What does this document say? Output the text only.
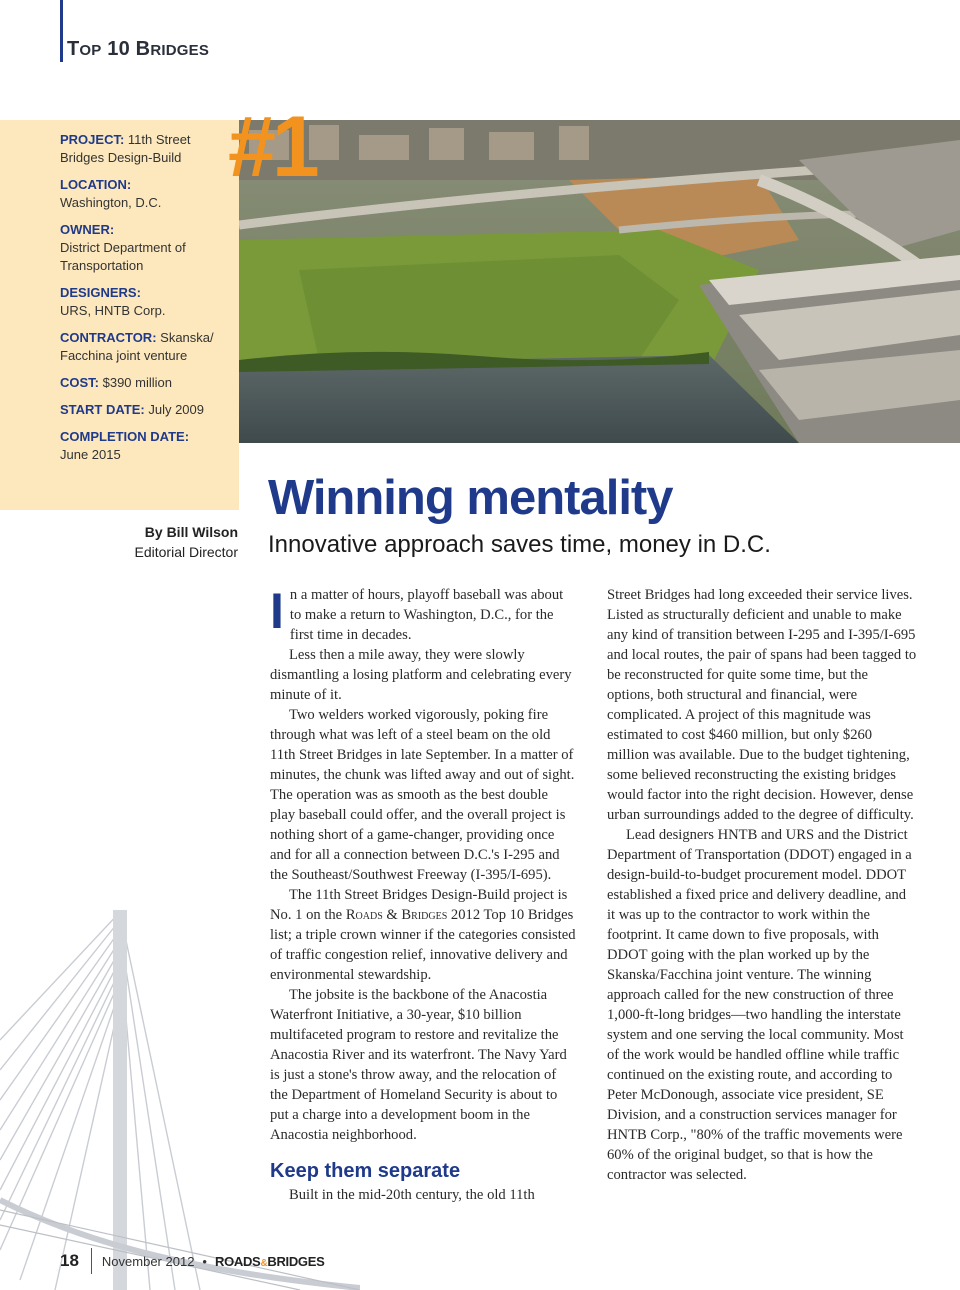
TOP 10 BRIDGES
PROJECT: 11th Street Bridges Design-Build
LOCATION:
Washington, D.C.
OWNER:
District Department of Transportation
DESIGNERS:
URS, HNTB Corp.
CONTRACTOR: Skanska/ Facchina joint venture
COST: $390 million
START DATE: July 2009
COMPLETION DATE:
June 2015
#1
By Bill Wilson
Editorial Director
Winning mentality
Innovative approach saves time, money in D.C.

In a matter of hours, playoff baseball was about to make a return to Washington, D.C., for the first time in decades.

Less then a mile away, they were slowly dismantling a losing platform and celebrating every minute of it.

Two welders worked vigorously, poking fire through what was left of a steel beam on the old 11th Street Bridges in late September. In a matter of minutes, the chunk was lifted away and out of sight. The operation was as smooth as the best double play baseball could offer, and the overall project is nothing short of a game-changer, providing once and for all a connection between D.C.'s I-295 and the Southeast/Southwest Freeway (I-395/I-695).

The 11th Street Bridges Design-Build project is No. 1 on the Roads & Bridges 2012 Top 10 Bridges list; a triple crown winner if the categories consisted of traffic congestion relief, innovative delivery and environmental stewardship.

The jobsite is the backbone of the Anacostia Waterfront Initiative, a 30-year, $10 billion multifaceted program to restore and revitalize the Anacostia River and its waterfront. The Navy Yard is just a stone's throw away, and the relocation of the Department of Homeland Security is about to put a charge into a development boom in the Anacostia neighborhood.

Keep them separate

Built in the mid-20th century, the old 11th

Street Bridges had long exceeded their service lives. Listed as structurally deficient and unable to make any kind of transition between I-295 and I-395/I-695 and local routes, the pair of spans had been tagged to be reconstructed for quite some time, but the options, both structural and financial, were complicated. A project of this magnitude was estimated to cost $460 million, but only $260 million was available. Due to the budget tightening, some believed reconstructing the existing bridges would factor into the right decision. However, dense urban surroundings added to the degree of difficulty.

Lead designers HNTB and URS and the District Department of Transportation (DDOT) engaged in a design-build-to-budget procurement model. DDOT established a fixed price and delivery deadline, and it was up to the contractor to work within the footprint. It came down to five proposals, with DDOT going with the plan worked up by the Skanska/Facchina joint venture. The winning approach called for the new construction of three 1,000-ft-long bridges—two handling the interstate system and one serving the local community. Most of the work would be handled offline while traffic continued on the existing route, and according to Peter McDonough, associate vice president, SE Division, and a construction services manager for HNTB Corp., "80% of the traffic movements were 60% of the original budget, so that is how the contractor was selected.

18 November 2012 • ROADS&BRIDGES
